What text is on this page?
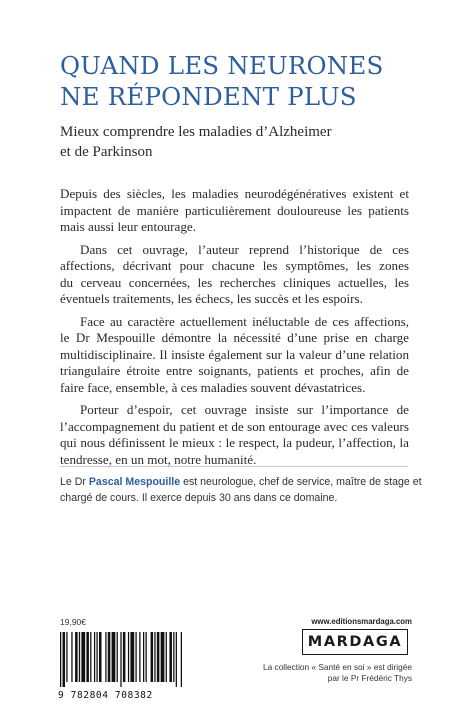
QUAND LES NEURONES
NE RÉPONDENT PLUS
Mieux comprendre les maladies d’Alzheimer
et de Parkinson

Depuis des siècles, les maladies neurodégénératives existent et
impactent de manière particulièrement douloureuse les patients
mais aussi leur entourage.

Dans cet ouvrage, l’auteur reprend l’historique de ces
affections, décrivant pour chacune les symptômes, les zones
du cerveau concernées, les recherches cliniques actuelles, les
éventuels traitements, les échecs, les succès et les espoirs.

Face au caractère actuellement inéluctable de ces affections,
le Dr Mespouille démontre la nécessité d’une prise en charge
multidisciplinaire. Il insiste également sur la valeur d’une relation
triangulaire étroite entre soignants, patients et proches, afin de
faire face, ensemble, à ces maladies souvent dévastatrices.

Porteur d’espoir, cet ouvrage insiste sur l’importance de
l’accompagnement du patient et de son entourage avec ces valeurs
qui nous définissent le mieux : le respect, la pudeur, l’affection, la
tendresse, en un mot, notre humanité.

Le Dr Pascal Mespouille est neurologue, chef de service, maître de stage et
chargé de cours. Il exerce depuis 30 ans dans ce domaine.
19,90€
9 782804 708382
www.editionsmardaga.com
MARDAGA
La collection « Santé en soi » est dirigée
par le Pr Frédéric Thys
